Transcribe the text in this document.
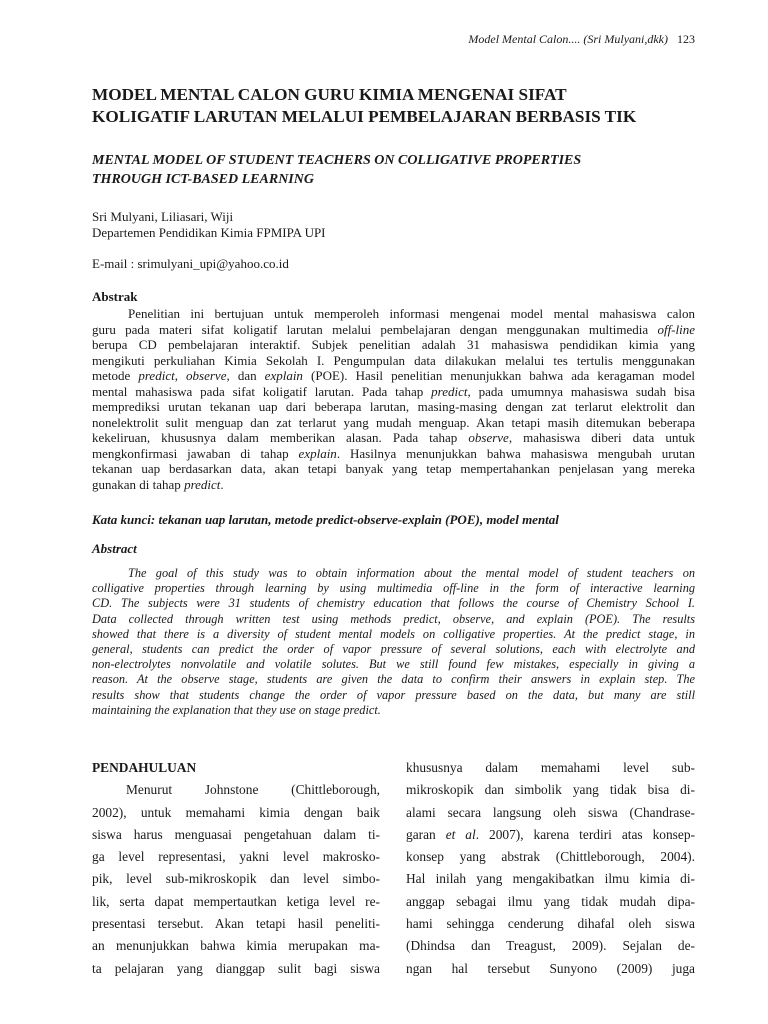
Model Mental Calon.... (Sri Mulyani,dkk) 123
MODEL MENTAL CALON GURU KIMIA MENGENAI SIFAT
KOLIGATIF LARUTAN MELALUI PEMBELAJARAN BERBASIS TIK
MENTAL MODEL OF STUDENT TEACHERS ON COLLIGATIVE PROPERTIES
THROUGH ICT-BASED LEARNING
Sri Mulyani, Liliasari, Wiji
Departemen Pendidikan Kimia FPMIPA UPI
E-mail : srimulyani_upi@yahoo.co.id
Abstrak
Penelitian ini bertujuan untuk memperoleh informasi mengenai model mental mahasiswa calon
guru pada materi sifat koligatif larutan melalui pembelajaran dengan menggunakan multimedia off-line
berupa CD pembelajaran interaktif. Subjek penelitian adalah 31 mahasiswa pendidikan kimia yang
mengikuti perkuliahan Kimia Sekolah I. Pengumpulan data dilakukan melalui tes tertulis menggunakan
metode predict, observe, dan explain (POE). Hasil penelitian menunjukkan bahwa ada keragaman model
mental mahasiswa pada sifat koligatif larutan. Pada tahap predict, pada umumnya mahasiswa sudah bisa
memprediksi urutan tekanan uap dari beberapa larutan, masing-masing dengan zat terlarut elektrolit dan
nonelektrolit sulit menguap dan zat terlarut yang mudah menguap. Akan tetapi masih ditemukan beberapa
kekeliruan, khususnya dalam memberikan alasan. Pada tahap observe, mahasiswa diberi data untuk
mengkonfirmasi jawaban di tahap explain. Hasilnya menunjukkan bahwa mahasiswa mengubah urutan
tekanan uap berdasarkan data, akan tetapi banyak yang tetap mempertahankan penjelasan yang mereka
gunakan di tahap predict.
Kata kunci: tekanan uap larutan, metode predict-observe-explain (POE), model mental
Abstract
The goal of this study was to obtain information about the mental model of student teachers on
colligative properties through learning by using multimedia off-line in the form of interactive learning
CD. The subjects were 31 students of chemistry education that follows the course of Chemistry School I.
Data collected through written test using methods predict, observe, and explain (POE). The results
showed that there is a diversity of student mental models on colligative properties. At the predict stage, in
general, students can predict the order of vapor pressure of several solutions, each with electrolyte and
non-electrolytes nonvolatile and volatile solutes. But we still found few mistakes, especially in giving a
reason. At the observe stage, students are given the data to confirm their answers in explain step. The
results show that students change the order of vapor pressure based on the data, but many are still
maintaining the explanation that they use on stage predict.
PENDAHULUAN
Menurut Johnstone (Chittleborough,
2002), untuk memahami kimia dengan baik
siswa harus menguasai pengetahuan dalam ti-
ga level representasi, yakni level makrosko-
pik, level sub-mikroskopik dan level simbo-
lik, serta dapat mempertautkan ketiga level re-
presentasi tersebut. Akan tetapi hasil peneliti-
an menunjukkan bahwa kimia merupakan ma-
ta pelajaran yang dianggap sulit bagi siswa
khususnya dalam memahami level sub-
mikroskopik dan simbolik yang tidak bisa di-
alami secara langsung oleh siswa (Chandrase-
garan et al. 2007), karena terdiri atas konsep-
konsep yang abstrak (Chittleborough, 2004).
Hal inilah yang mengakibatkan ilmu kimia di-
anggap sebagai ilmu yang tidak mudah dipa-
hami sehingga cenderung dihafal oleh siswa
(Dhindsa dan Treagust, 2009). Sejalan de-
ngan hal tersebut Sunyono (2009) juga
